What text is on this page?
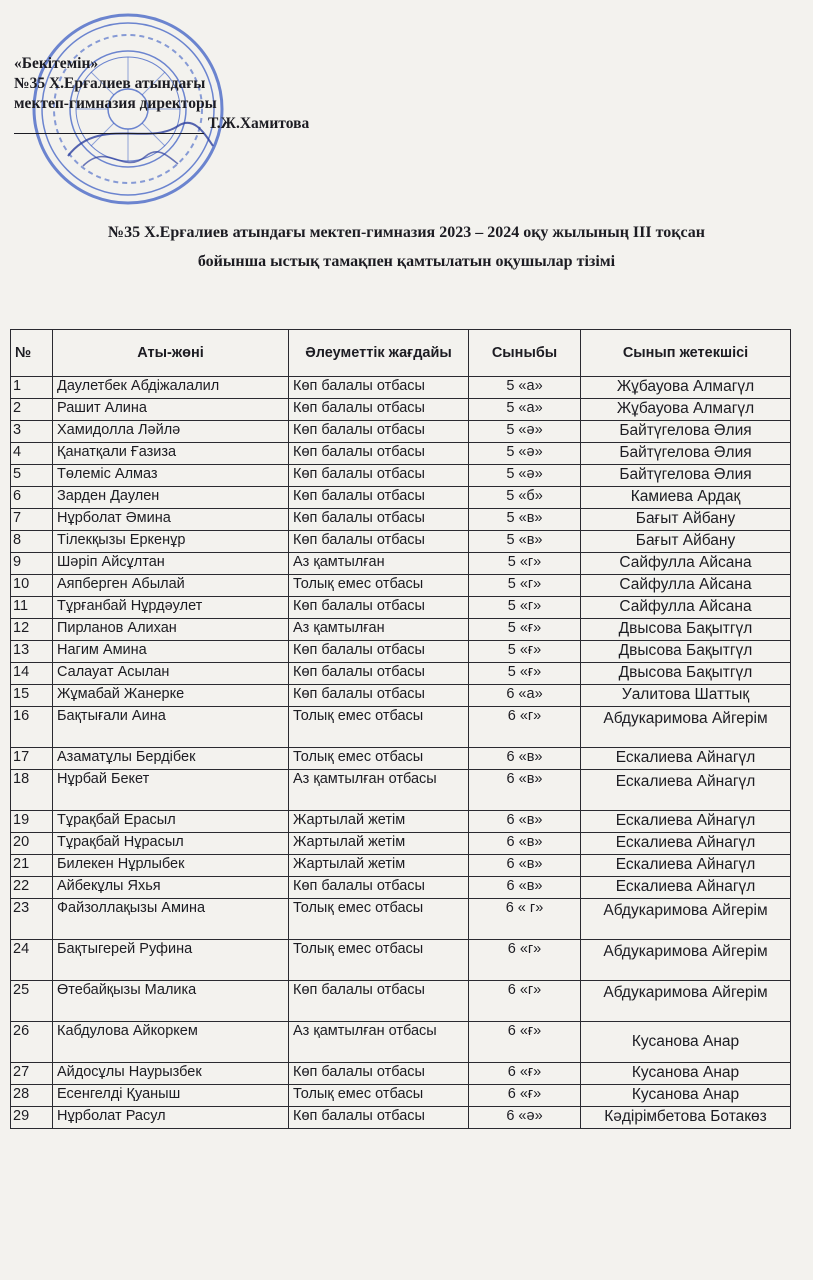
«Бекітемін»
№35 Х.Ерғалиев атындағы
мектеп-гимназия директоры
Т.Ж.Хамитова
№35 Х.Ерғалиев атындағы мектеп-гимназия 2023 – 2024 оқу жылының III тоқсан
бойынша ыстық тамақпен қамтылатын оқушылар тізімі
№	Аты-жөні	Әлеуметтік жағдайы	Сыныбы	Сынып жетекшісі
1	Даулетбек Абдіжалалил	Көп балалы отбасы	5 «а»	Жұбауова Алмагүл
2	Рашит Алина	Көп балалы отбасы	5 «а»	Жұбауова Алмагүл
3	Хамидолла Ләйлә	Көп балалы отбасы	5 «ә»	Байтүгелова Әлия
4	Қанатқали Ғазиза	Көп балалы отбасы	5 «ә»	Байтүгелова Әлия
5	Төлеміс Алмаз	Көп балалы отбасы	5 «ә»	Байтүгелова Әлия
6	Зарден Даулен	Көп балалы отбасы	5 «б»	Камиева Ардақ
7	Нұрболат Әмина	Көп балалы отбасы	5 «в»	Бағыт Айбану
8	Тілекқызы Еркенұр	Көп балалы отбасы	5 «в»	Бағыт Айбану
9	Шәріп Айсұлтан	Аз қамтылған	5 «г»	Сайфулла Айсана
10	Аяпберген Абылай	Толық емес отбасы	5 «г»	Сайфулла Айсана
11	Тұрғанбай Нұрдәулет	Көп балалы отбасы	5 «г»	Сайфулла Айсана
12	Пирланов Алихан	Аз қамтылған	5 «ғ»	Двысова Бақытгүл
13	Нагим Амина	Көп балалы отбасы	5 «ғ»	Двысова Бақытгүл
14	Салауат Асылан	Көп балалы отбасы	5 «ғ»	Двысова Бақытгүл
15	Жұмабай Жанерке	Көп балалы отбасы	6 «а»	Уалитова Шаттық
16	Бақтығали Аина	Толық емес отбасы	6 «г»	Абдукаримова Айгерім

17	Азаматұлы Бердібек	Толық емес отбасы	6 «в»	Ескалиева Айнагүл
18	Нұрбай Бекет	Аз қамтылған отбасы	6 «в»	Ескалиева Айнагүл

19	Тұрақбай Ерасыл	Жартылай жетім	6 «в»	Ескалиева Айнагүл
20	Тұрақбай Нұрасыл	Жартылай жетім	6 «в»	Ескалиева Айнагүл
21	Билекен Нұрлыбек	Жартылай жетім	6 «в»	Ескалиева Айнагүл
22	Айбекұлы Яхья	Көп балалы отбасы	6 «в»	Ескалиева Айнагүл
23	Файзоллақызы Амина	Толық емес отбасы	6 « г»	Абдукаримова Айгерім

24	Бақтыгерей Руфина	Толық емес отбасы	6 «г»	Абдукаримова Айгерім

25	Өтебайқызы Малика	Көп балалы отбасы	6 «г»	Абдукаримова Айгерім

26	Кабдулова Айкоркем	Аз қамтылған отбасы	6 «ғ»	Кусанова Анар

27	Айдосұлы Наурызбек	Көп балалы отбасы	6 «ғ»	Кусанова Анар
28	Есенгелді Қуаныш	Толық емес отбасы	6 «ғ»	Кусанова Анар
29	Нұрболат Расул	Көп балалы отбасы	6 «ә»	Кәдірімбетова Ботакөз
